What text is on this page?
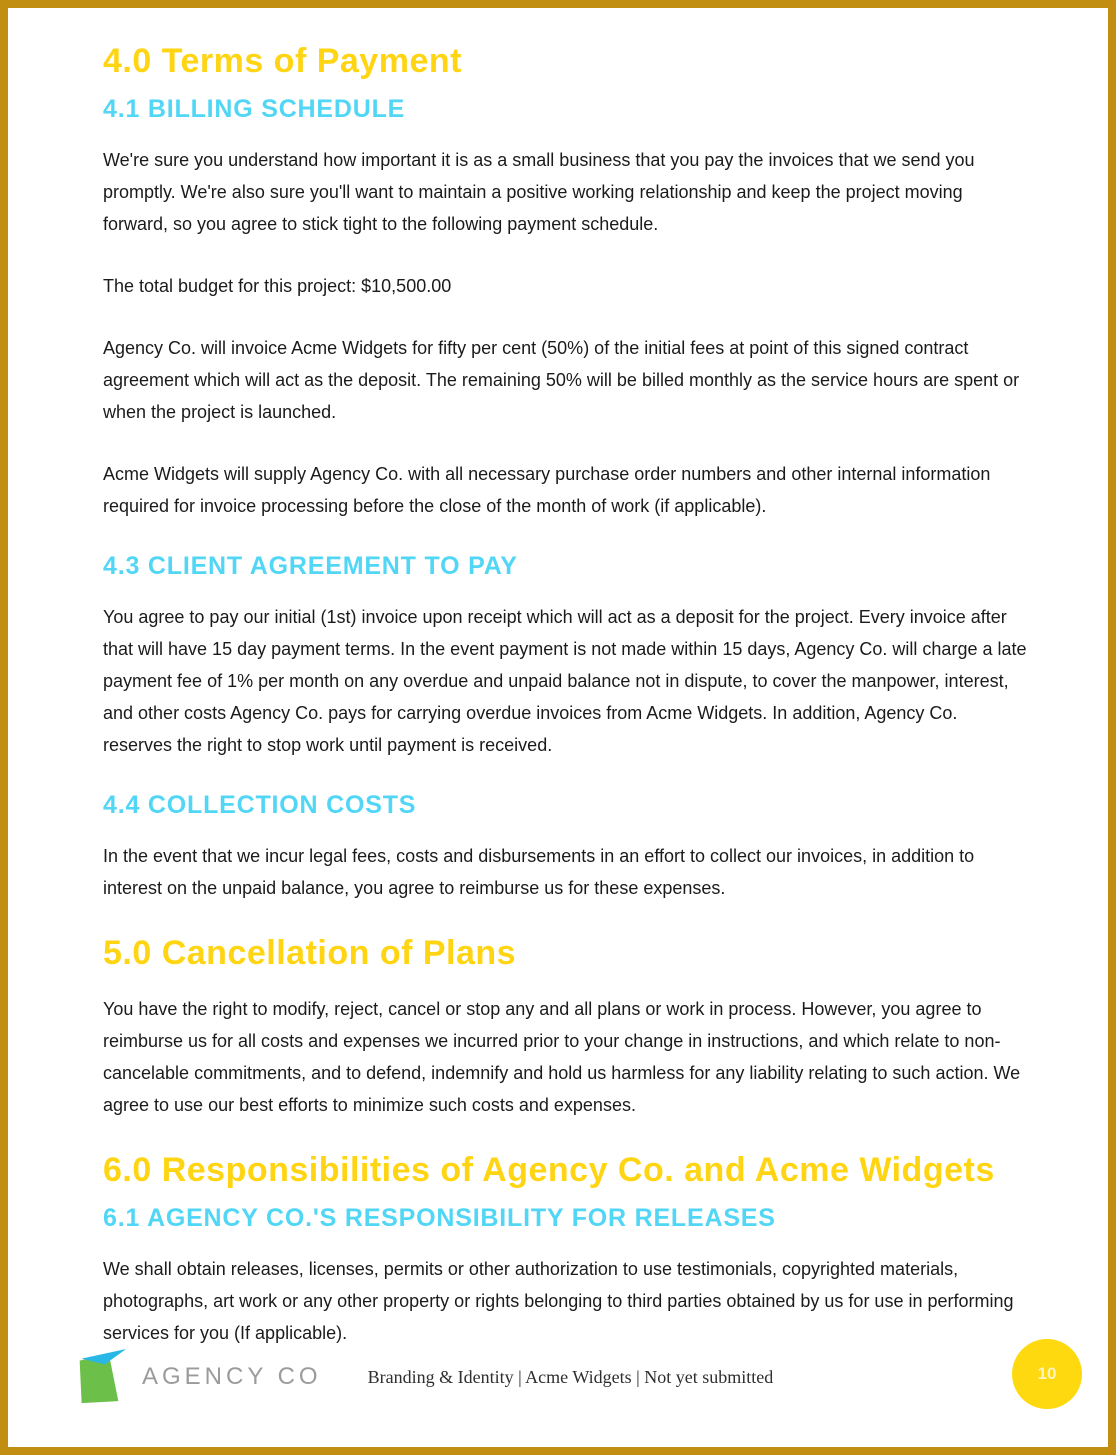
4.0 Terms of Payment
4.1 BILLING SCHEDULE
We're sure you understand how important it is as a small business that you pay the invoices that we send you promptly. We're also sure you'll want to maintain a positive working relationship and keep the project moving forward, so you agree to stick tight to the following payment schedule.
The total budget for this project: $10,500.00
Agency Co. will invoice Acme Widgets for fifty per cent (50%) of the initial fees at point of this signed contract agreement which will act as the deposit. The remaining 50% will be billed monthly as the service hours are spent or when the project is launched.
Acme Widgets will supply Agency Co. with all necessary purchase order numbers and other internal information required for invoice processing before the close of the month of work (if applicable).
4.3 CLIENT AGREEMENT TO PAY
You agree to pay our initial (1st) invoice upon receipt which will act as a deposit for the project. Every invoice after that will have 15 day payment terms. In the event payment is not made within 15 days, Agency Co. will charge a late payment fee of 1% per month on any overdue and unpaid balance not in dispute, to cover the manpower, interest, and other costs Agency Co. pays for carrying overdue invoices from Acme Widgets. In addition, Agency Co. reserves the right to stop work until payment is received.
4.4 COLLECTION COSTS
In the event that we incur legal fees, costs and disbursements in an effort to collect our invoices, in addition to interest on the unpaid balance, you agree to reimburse us for these expenses.
5.0 Cancellation of Plans
You have the right to modify, reject, cancel or stop any and all plans or work in process. However, you agree to reimburse us for all costs and expenses we incurred prior to your change in instructions, and which relate to non-cancelable commitments, and to defend, indemnify and hold us harmless for any liability relating to such action. We agree to use our best efforts to minimize such costs and expenses.
6.0 Responsibilities of Agency Co. and Acme Widgets
6.1 AGENCY CO.'S RESPONSIBILITY FOR RELEASES
We shall obtain releases, licenses, permits or other authorization to use testimonials, copyrighted materials, photographs, art work or any other property or rights belonging to third parties obtained by us for use in performing services for you (If applicable).
AGENCY CO	Branding & Identity | Acme Widgets | Not yet submitted	10
